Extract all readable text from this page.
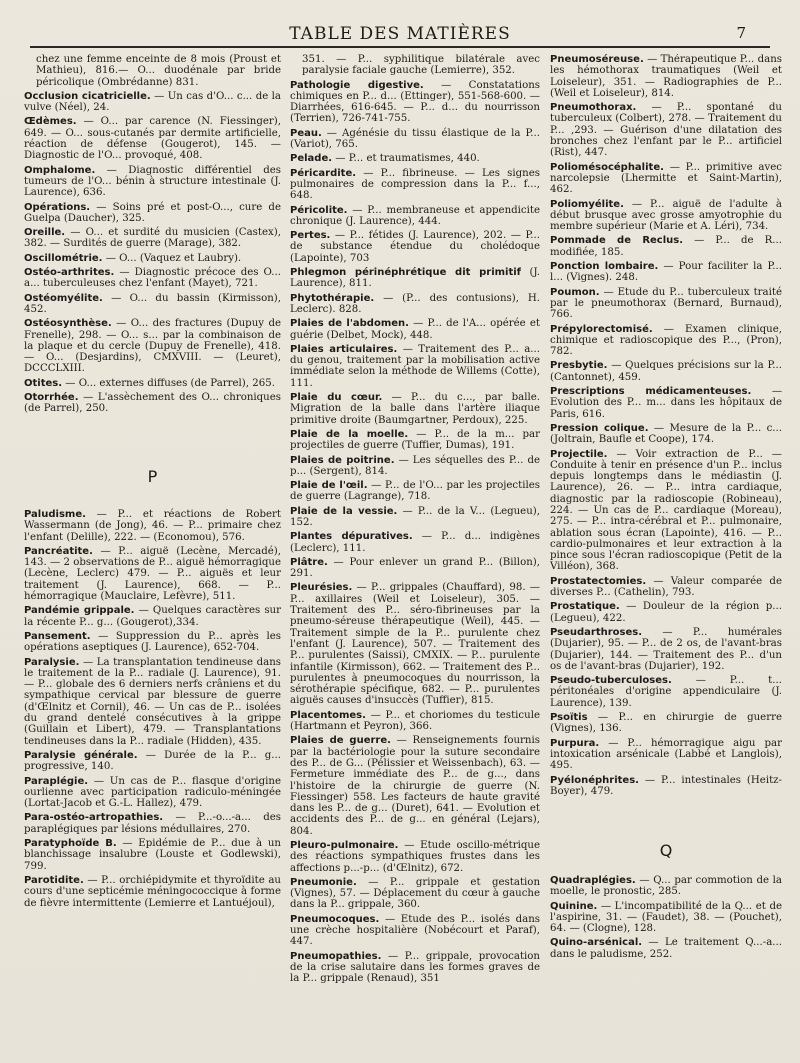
TABLE DES MATIÈRES	7

chez une femme enceinte de 8 mois (Proust et Mathieu), 816.— O... duodénale par bride péricolique (Ombrédanne) 831.

Occlusion cicatricielle. — Un cas d'O... c... de la vulve (Néel), 24.

Œdèmes. — O... par carence (N. Fiessinger), 649. — O... sous-cutanés par dermite artificielle, réaction de défense (Gougerot), 145. — Diagnostic de l'O... provoqué, 408.

Omphalome. — Diagnostic différentiel des tumeurs de l'O... bénin à structure intestinale (J. Laurence), 636.

Opérations. — Soins pré et post-O..., cure de Guelpa (Daucher), 325.

Oreille. — O... et surdité du musicien (Castex), 382. — Surdités de guerre (Marage), 382.

Oscillométrie. — O... (Vaquez et Laubry).

Ostéo-arthrites. — Diagnostic précoce des O... a... tuberculeuses chez l'enfant (Mayet), 721.

Ostéomyélite. — O... du bassin (Kirmisson), 452.

Ostéosynthèse. — O... des fractures (Dupuy de Frenelle), 298. — O... s... par la combinaison de la plaque et du cercle (Dupuy de Frenelle), 418. — O... (Desjardins), CMXVIII. — (Leuret), DCCCLXIII.

Otites. — O... externes diffuses (de Parrel), 265.

Otorrhée. — L'assèchement des O... chroniques (de Parrel), 250.

P

Paludisme. — P... et réactions de Robert Wassermann (de Jong), 46. — P... primaire chez l'enfant (Delille), 222. — (Economou), 576.

Pancréatite. — P... aiguë (Lecène, Mercadé), 143. — 2 observations de P... aiguë hémorragique (Lecène, Leclerc) 479. — P... aiguës et leur traitement (J. Laurence), 668. — P... hémorragique (Mauclaire, Lefèvre), 511.

Pandémie grippale. — Quelques caractères sur la récente P... g... (Gougerot),334.

Pansement. — Suppression du P... après les opérations aseptiques (J. Laurence), 652-704.

Paralysie. — La transplantation tendineuse dans le traitement de la P... radiale (J. Laurence), 91. — P... globale des 6 derniers nerfs crâniens et du sympathique cervical par blessure de guerre (d'Œlnitz et Cornil), 46. — Un cas de P... isolées du grand dentelé consécutives à la grippe (Guillain et Libert), 479. — Transplantations tendineuses dans la P... radiale (Hidden), 435.

Paralysie générale. — Durée de la P... g... progressive, 140.

Paraplégie. — Un cas de P... flasque d'origine ourlienne avec participation radiculo-méningée (Lortat-Jacob et G.-L. Hallez), 479.

Para-ostéo-artropathies. — P...-o...-a... des paraplégiques par lésions médullaires, 270.

Paratyphoïde B. — Epidémie de P... due à un blanchissage insalubre (Louste et Godlewski), 799.

Parotidite. — P... orchiépidymite et thyroïdite au cours d'une septicémie méningococcique à forme de fièvre intermittente (Lemierre et Lantuéjoul),

351. — P... syphilitique bilatérale avec paralysie faciale gauche (Lemierre), 352.

Pathologie digestive. — Constatations chimiques en P... d... (Ettinger), 551-568-600. — Diarrhées, 616-645. — P... d... du nourrisson (Terrien), 726-741-755.

Peau. — Agénésie du tissu élastique de la P... (Variot), 765.

Pelade. — P... et traumatismes, 440.

Péricardite. — P... fibrineuse. — Les signes pulmonaires de compression dans la P... f..., 648.

Péricolite. — P... membraneuse et appendicite chronique (J. Laurence), 444.

Pertes. — P... fétides (J. Laurence), 202. — P... de substance étendue du cholédoque (Lapointe), 703

Phlegmon périnéphrétique dit primitif (J. Laurence), 811.

Phytothérapie. — (P... des contusions), H. Leclerc). 828.

Plaies de l'abdomen. — P... de l'A... opérée et guérie (Delbet, Mock), 448.

Plaies articulaires. — Traitement des P... a... du genou, traitement par la mobilisation active immédiate selon la méthode de Willems (Cotte), 111.

Plaie du cœur. — P... du c..., par balle. Migration de la balle dans l'artère iliaque primitive droite (Baumgartner, Perdoux), 225.

Plaie de la moelle. — P... de la m... par projectiles de guerre (Tuffier, Dumas), 191.

Plaies de poitrine. — Les séquelles des P... de p... (Sergent), 814.

Plaie de l'œil. — P... de l'O... par les projectiles de guerre (Lagrange), 718.

Plaie de la vessie. — P... de la V... (Legueu), 152.

Plantes dépuratives. — P... d... indigènes (Leclerc), 111.

Plâtre. — Pour enlever un grand P... (Billon), 291.

Pleurésies. — P... grippales (Chauffard), 98. — P... axillaires (Weil et Loiseleur), 305. — Traitement des P... séro-fibrineuses par la pneumo-séreuse thérapeutique (Weil), 445. — Traitement simple de la P... purulente chez l'enfant (J. Laurence), 507. — Traitement des P... purulentes (Saissi), CMXIX. — P... purulente infantile (Kirmisson), 662. — Traitement des P... purulentes à pneumocoques du nourrisson, la sérothérapie spécifique, 682. — P... purulentes aiguës causes d'insuccès (Tuffier), 815.

Placentomes. — P... et choriomes du testicule (Hartmann et Peyron), 366.

Plaies de guerre. — Renseignements fournis par la bactériologie pour la suture secondaire des P... de G... (Pélissier et Weissenbach), 63. — Fermeture immédiate des P... de g..., dans l'histoire de la chirurgie de guerre (N. Fiessinger) 558. Les facteurs de haute gravité dans les P... de g... (Duret), 641. — Evolution et accidents des P... de g... en général (Lejars), 804.

Pleuro-pulmonaire. — Etude oscillo-métrique des réactions sympathiques frustes dans les affections p...-p... (d'Œlnitz), 672.

Pneumonie. — P... grippale et gestation (Vignes), 57. — Déplacement du cœur à gauche dans la P... grippale, 360.

Pneumocoques. — Etude des P... isolés dans une crèche hospitalière (Nobécourt et Paraf), 447.

Pneumopathies. — P... grippale, provocation de la crise salutaire dans les formes graves de la P... grippale (Renaud), 351

Pneumoséreuse. — Thérapeutique P... dans les hémothorax traumatiques (Weil et Loiseleur), 351. — Radiographies de P... (Weil et Loiseleur), 814.

Pneumothorax. — P... spontané du tuberculeux (Colbert), 278. — Traitement du P... ,293. — Guérison d'une dilatation des bronches chez l'enfant par le P... artificiel (Rist), 447.

Poliomésocéphalite. — P... primitive avec narcolepsie (Lhermitte et Saint-Martin), 462.

Poliomyélite. — P... aiguë de l'adulte à début brusque avec grosse amyotrophie du membre supérieur (Marie et A. Léri), 734.

Pommade de Reclus. — P... de R... modifiée, 185.

Ponction lombaire. — Pour faciliter la P... l... (Vignes). 248.

Poumon. — Etude du P... tuberculeux traité par le pneumothorax (Bernard, Burnaud), 766.

Prépylorectomisé. — Examen clinique, chimique et radioscopique des P..., (Pron), 782.

Presbytie. — Quelques précisions sur la P... (Cantonnet), 459.

Prescriptions médicamenteuses. — Evolution des P... m... dans les hôpitaux de Paris, 616.

Pression colique. — Mesure de la P... c... (Joltrain, Baufle et Coope), 174.

Projectile. — Voir extraction de P... — Conduite à tenir en présence d'un P... inclus depuis longtemps dans le médiastin (J. Laurence), 26. — P... intra cardiaque, diagnostic par la radioscopie (Robineau), 224. — Un cas de P... cardiaque (Moreau), 275. — P... intra-cérébral et P... pulmonaire, ablation sous écran (Lapointe), 416. — P... cardio-pulmonaires et leur extraction à la pince sous l'écran radioscopique (Petit de la Villéon), 368.

Prostatectomies. — Valeur comparée de diverses P... (Cathelin), 793.

Prostatique. — Douleur de la région p... (Legueu), 422.

Pseudarthroses. — P... humérales (Dujarier), 95. — P... de 2 os, de l'avant-bras (Dujarier), 144. — Traitement des P... d'un os de l'avant-bras (Dujarier), 192.

Pseudo-tuberculoses. — P... t... péritonéales d'origine appendiculaire (J. Laurence), 139.

Psoïtis — P... en chirurgie de guerre (Vignes), 136.

Purpura. — P... hémorragique aigu par intoxication arsénicale (Labbé et Langlois), 495.

Pyélonéphrites. — P... intestinales (Heitz-Boyer), 479.

Q

Quadraplégies. — Q... par commotion de la moelle, le pronostic, 285.

Quinine. — L'incompatibilité de la Q... et de l'aspirine, 31. — (Faudet), 38. — (Pouchet), 64. — (Clogne), 128.

Quino-arsénical. — Le traitement Q...-a... dans le paludisme, 252.
